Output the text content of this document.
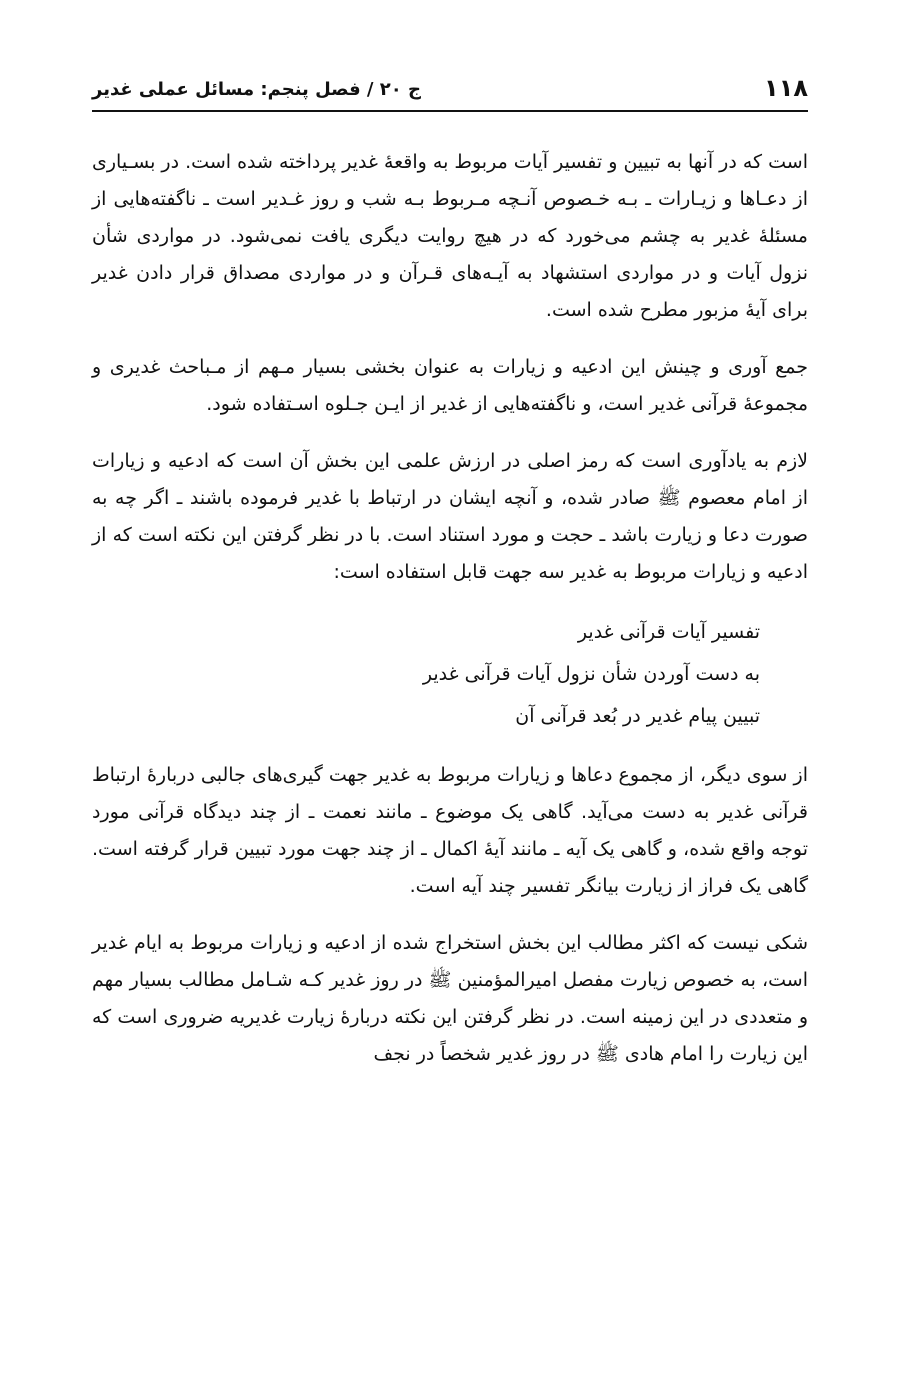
۱۱۸
ج ۲۰ / فصل پنجم: مسائل عملی غدیر

است که در آنها به تبیین و تفسیر آیات مربوط به واقعهٔ غدیر پرداخته شده است. در بسـیاری از دعـاها و زیـارات ـ بـه خـصوص آنـچه مـربوط بـه شب و روز غـدیر است ـ ناگفته‌هایی از مسئلهٔ غدیر به چشم می‌خورد که در هیچ روایت دیگری یافت نمی‌شود. در مواردی شأن نزول آیات و در مواردی استشهاد به آیـه‌های قـرآن و در مواردی مصداق قرار دادن غدیر برای آیهٔ مزبور مطرح شده است.

جمع آوری و چینش این ادعیه و زیارات به عنوان بخشی بسیار مـهم از مـباحث غدیری و مجموعهٔ قرآنی غدیر است، و ناگفته‌هایی از غدیر از ایـن جـلوه اسـتفاده شود.

لازم به یادآوری است که رمز اصلی در ارزش علمی این بخش آن است که ادعیه و زیارات از امام معصوم ﷺ صادر شده، و آنچه ایشان در ارتباط با غدیر فرموده باشند ـ اگر چه به صورت دعا و زیارت باشد ـ حجت و مورد استناد است. با در نظر گرفتن این نکته است که از ادعیه و زیارات مربوط به غدیر سه جهت قابل استفاده است:

تفسیر آیات قرآنی غدیر
به دست آوردن شأن نزول آیات قرآنی غدیر
تبیین پیام غدیر در بُعد قرآنی آن

از سوی دیگر، از مجموع دعاها و زیارات مربوط به غدیر جهت گیری‌های جالبی دربارهٔ ارتباط قرآنی غدیر به دست می‌آید. گاهی یک موضوع ـ مانند نعمت ـ از چند دیدگاه قرآنی مورد توجه واقع شده، و گاهی یک آیه ـ مانند آیهٔ اکمال ـ از چند جهت مورد تبیین قرار گرفته است. گاهی یک فراز از زیارت بیانگر تفسیر چند آیه است.

شکی نیست که اکثر مطالب این بخش استخراج شده از ادعیه و زیارات مربوط به ایام غدیر است، به خصوص زیارت مفصل امیرالمؤمنین ﷺ در روز غدیر کـه شـامل مطالب بسیار مهم و متعددی در این زمینه است. در نظر گرفتن این نکته دربارهٔ زیارت غدیریه ضروری است که این زیارت را امام هادی ﷺ در روز غدیر شخصاً در نجف
